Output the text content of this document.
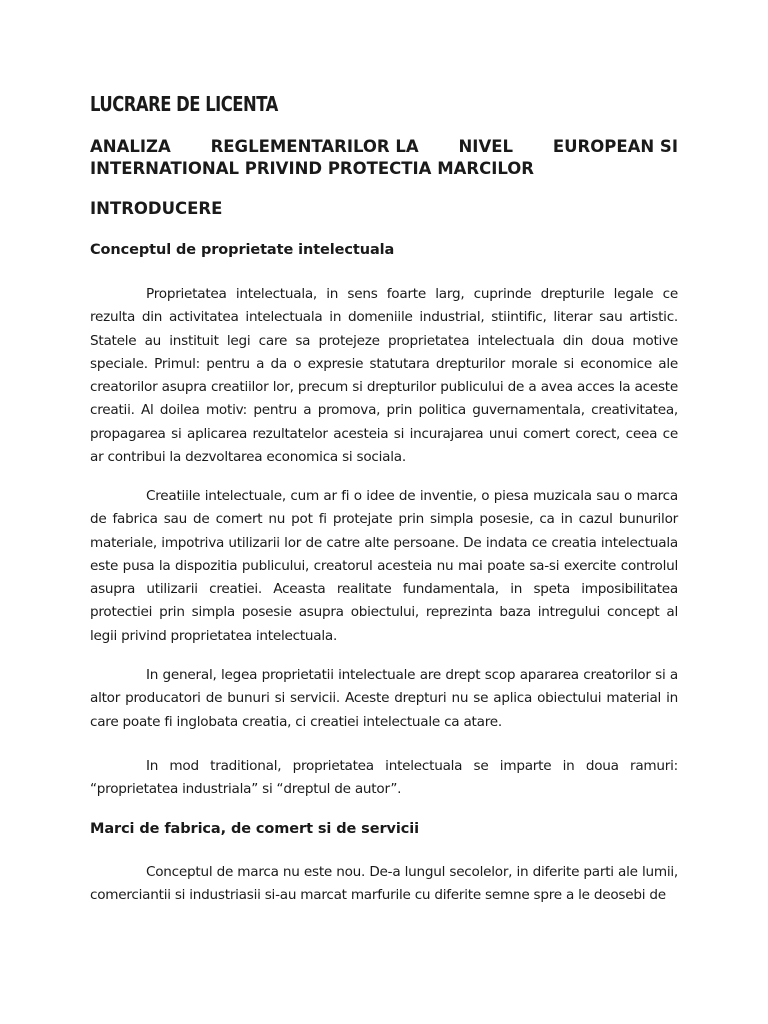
LUCRARE DE LICENTA
ANALIZA REGLEMENTARILOR LA NIVEL EUROPEAN SI
INTERNATIONAL PRIVIND PROTECTIA MARCILOR
INTRODUCERE
Conceptul de proprietate intelectuala

Proprietatea intelectuala, in sens foarte larg, cuprinde drepturile legale ce rezulta din activitatea intelectuala in domeniile industrial, stiintific, literar sau artistic. Statele au instituit legi care sa protejeze proprietatea intelectuala din doua motive speciale. Primul: pentru a da o expresie statutara drepturilor morale si economice ale creatorilor asupra creatiilor lor, precum si drepturilor publicului de a avea acces la aceste creatii. Al doilea motiv: pentru a promova, prin politica guvernamentala, creativitatea, propagarea si aplicarea rezultatelor acesteia si incurajarea unui comert corect, ceea ce ar contribui la dezvoltarea economica si sociala.

Creatiile intelectuale, cum ar fi o idee de inventie, o piesa muzicala sau o marca de fabrica sau de comert nu pot fi protejate prin simpla posesie, ca in cazul bunurilor materiale, impotriva utilizarii lor de catre alte persoane. De indata ce creatia intelectuala este pusa la dispozitia publicului, creatorul acesteia nu mai poate sa-si exercite controlul asupra utilizarii creatiei. Aceasta realitate fundamentala, in speta imposibilitatea protectiei prin simpla posesie asupra obiectului, reprezinta baza intregului concept al legii privind proprietatea intelectuala.

In general, legea proprietatii intelectuale are drept scop apararea creatorilor si a altor producatori de bunuri si servicii. Aceste drepturi nu se aplica obiectului material in care poate fi inglobata creatia, ci creatiei intelectuale ca atare.

In mod traditional, proprietatea intelectuala se imparte in doua ramuri: “proprietatea industriala” si “dreptul de autor”.

Marci de fabrica, de comert si de servicii

Conceptul de marca nu este nou. De-a lungul secolelor, in diferite parti ale lumii, comerciantii si industriasii si-au marcat marfurile cu diferite semne spre a le deosebi de
